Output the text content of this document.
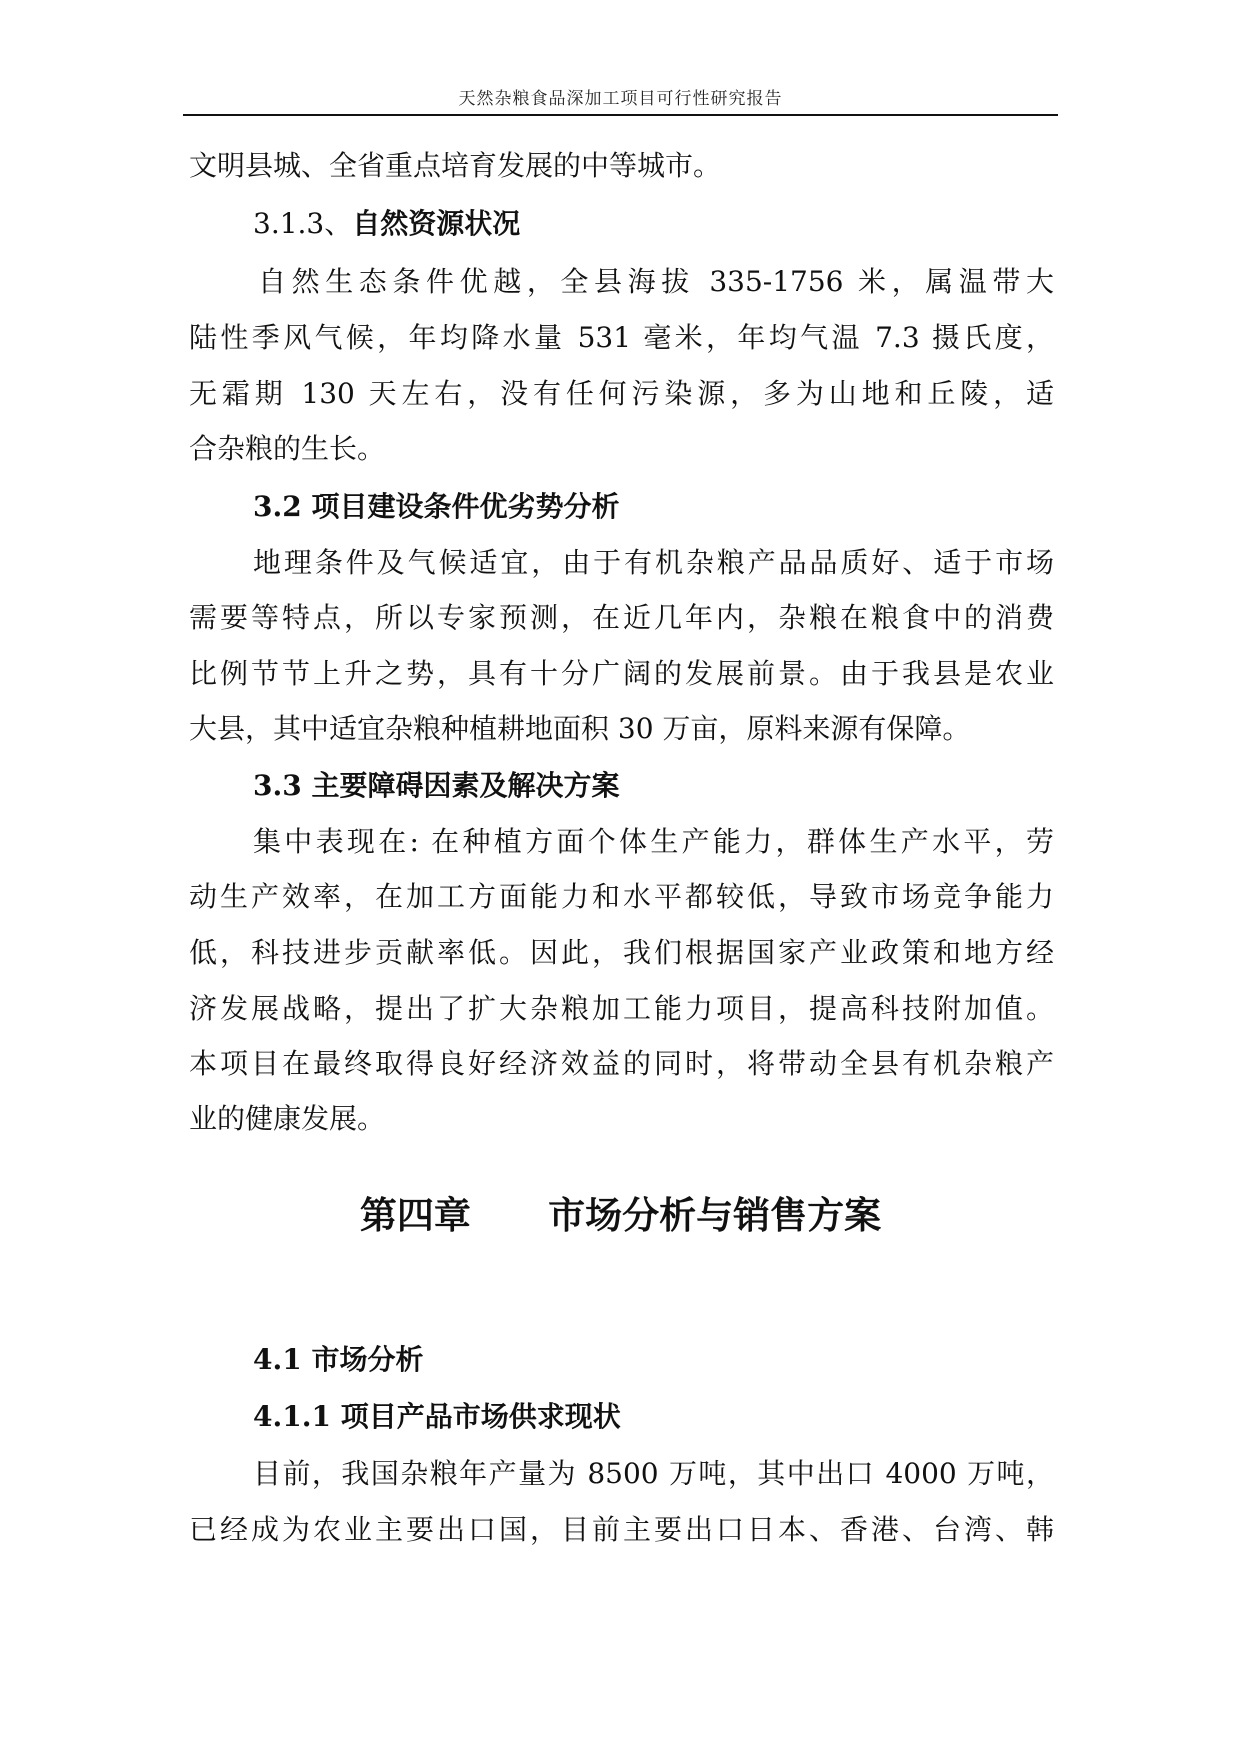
天然杂粮食品深加工项目可行性研究报告
文明县城、全省重点培育发展的中等城市。
3.1.3、自然资源状况
自然生态条件优越，全县海拔 335-1756 米，属温带大
陆性季风气候，年均降水量 531 毫米，年均气温 7.3 摄氏度，
无霜期 130 天左右，没有任何污染源，多为山地和丘陵，适
合杂粮的生长。
3.2 项目建设条件优劣势分析
地理条件及气候适宜，由于有机杂粮产品品质好、适于市场
需要等特点，所以专家预测，在近几年内，杂粮在粮食中的消费
比例节节上升之势，具有十分广阔的发展前景。由于我县是农业
大县，其中适宜杂粮种植耕地面积 30 万亩，原料来源有保障。
3.3 主要障碍因素及解决方案
集中表现在: 在种植方面个体生产能力，群体生产水平，劳
动生产效率，在加工方面能力和水平都较低，导致市场竞争能力
低，科技进步贡献率低。因此，我们根据国家产业政策和地方经
济发展战略，提出了扩大杂粮加工能力项目，提高科技附加值。
本项目在最终取得良好经济效益的同时，将带动全县有机杂粮产
业的健康发展。
第四章      市场分析与销售方案
4.1 市场分析
4.1.1 项目产品市场供求现状
目前，我国杂粮年产量为 8500 万吨，其中出口 4000 万吨，
已经成为农业主要出口国，目前主要出口日本、香港、台湾、韩
